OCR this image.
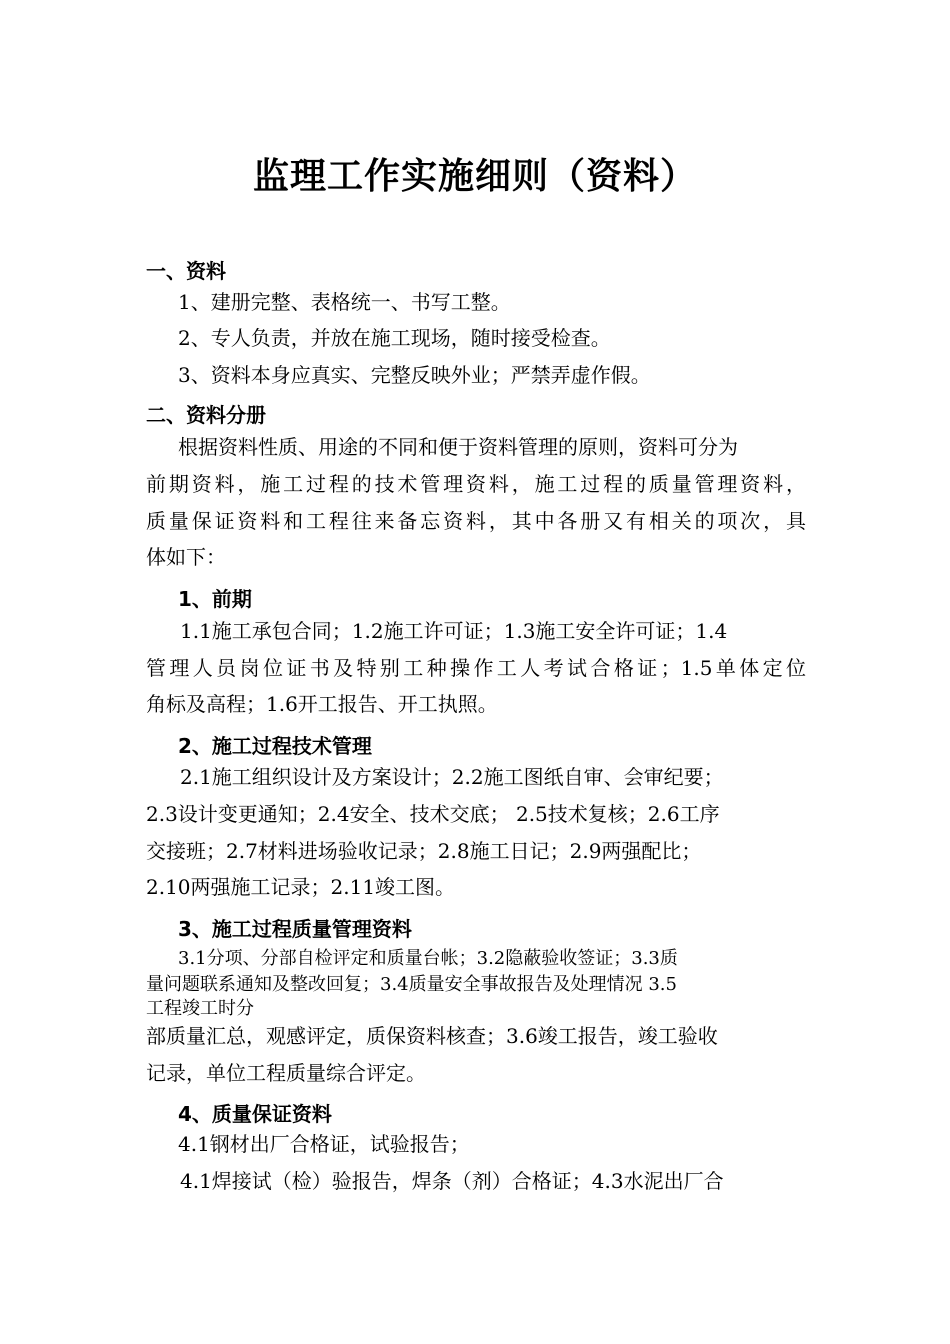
监理工作实施细则（资料）
一、资料
1、建册完整、表格统一、书写工整。
2、专人负责，并放在施工现场，随时接受检查。
3、资料本身应真实、完整反映外业；严禁弄虚作假。
二、资料分册
根据资料性质、用途的不同和便于资料管理的原则，资料可分为
前期资料，施工过程的技术管理资料，施工过程的质量管理资料，
质量保证资料和工程往来备忘资料，其中各册又有相关的项次，具
体如下：
1、前期
1.1施工承包合同；1.2施工许可证；1.3施工安全许可证；1.4
管理人员岗位证书及特别工种操作工人考试合格证；1.5单体定位
角标及高程；1.6开工报告、开工执照。
2、施工过程技术管理
2.1施工组织设计及方案设计；2.2施工图纸自审、会审纪要；
2.3设计变更通知；2.4安全、技术交底； 2.5技术复核；2.6工序
交接班；2.7材料进场验收记录；2.8施工日记；2.9两强配比；
2.10两强施工记录；2.11竣工图。
3、施工过程质量管理资料
3.1分项、分部自检评定和质量台帐；3.2隐蔽验收签证；3.3质
量问题联系通知及整改回复；3.4质量安全事故报告及处理情况 3.5
工程竣工时分
部质量汇总，观感评定，质保资料核查；3.6竣工报告，竣工验收
记录，单位工程质量综合评定。
4、质量保证资料
4.1钢材出厂合格证，试验报告；
4.1焊接试（检）验报告，焊条（剂）合格证；4.3水泥出厂合
